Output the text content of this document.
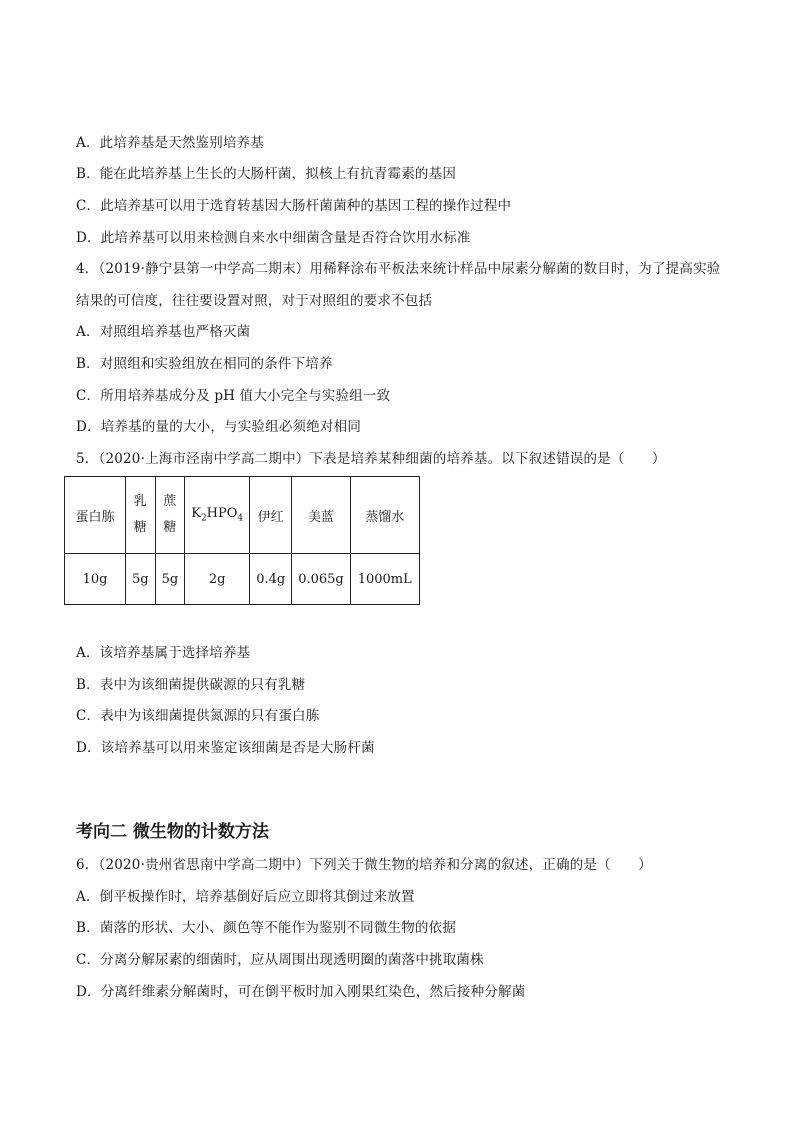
A．此培养基是天然鉴别培养基
B．能在此培养基上生长的大肠杆菌，拟核上有抗青霉素的基因
C．此培养基可以用于选育转基因大肠杆菌菌种的基因工程的操作过程中
D．此培养基可以用来检测自来水中细菌含量是否符合饮用水标准
4．（2019·静宁县第一中学高二期末）用稀释涂布平板法来统计样品中尿素分解菌的数目时，为了提高实验
结果的可信度，往往要设置对照，对于对照组的要求不包括
A．对照组培养基也严格灭菌
B．对照组和实验组放在相同的条件下培养
C．所用培养基成分及 pH 值大小完全与实验组一致
D．培养基的量的大小，与实验组必须绝对相同
5．（2020·上海市泾南中学高二期中）下表是培养某种细菌的培养基。以下叙述错误的是（　　）
蛋白胨	乳糖	蔗糖	$K_2HPO_4$	伊红	美蓝	蒸馏水
10g	5g	5g	2g	0.4g	0.065g	1000mL
A．该培养基属于选择培养基
B．表中为该细菌提供碳源的只有乳糖
C．表中为该细菌提供氮源的只有蛋白胨
D．该培养基可以用来鉴定该细菌是否是大肠杆菌
考向二 微生物的计数方法
6．（2020·贵州省思南中学高二期中）下列关于微生物的培养和分离的叙述，正确的是（　　）
A．倒平板操作时，培养基倒好后应立即将其倒过来放置
B．菌落的形状、大小、颜色等不能作为鉴别不同微生物的依据
C．分离分解尿素的细菌时，应从周围出现透明圈的菌落中挑取菌株
D．分离纤维素分解菌时，可在倒平板时加入刚果红染色，然后接种分解菌
